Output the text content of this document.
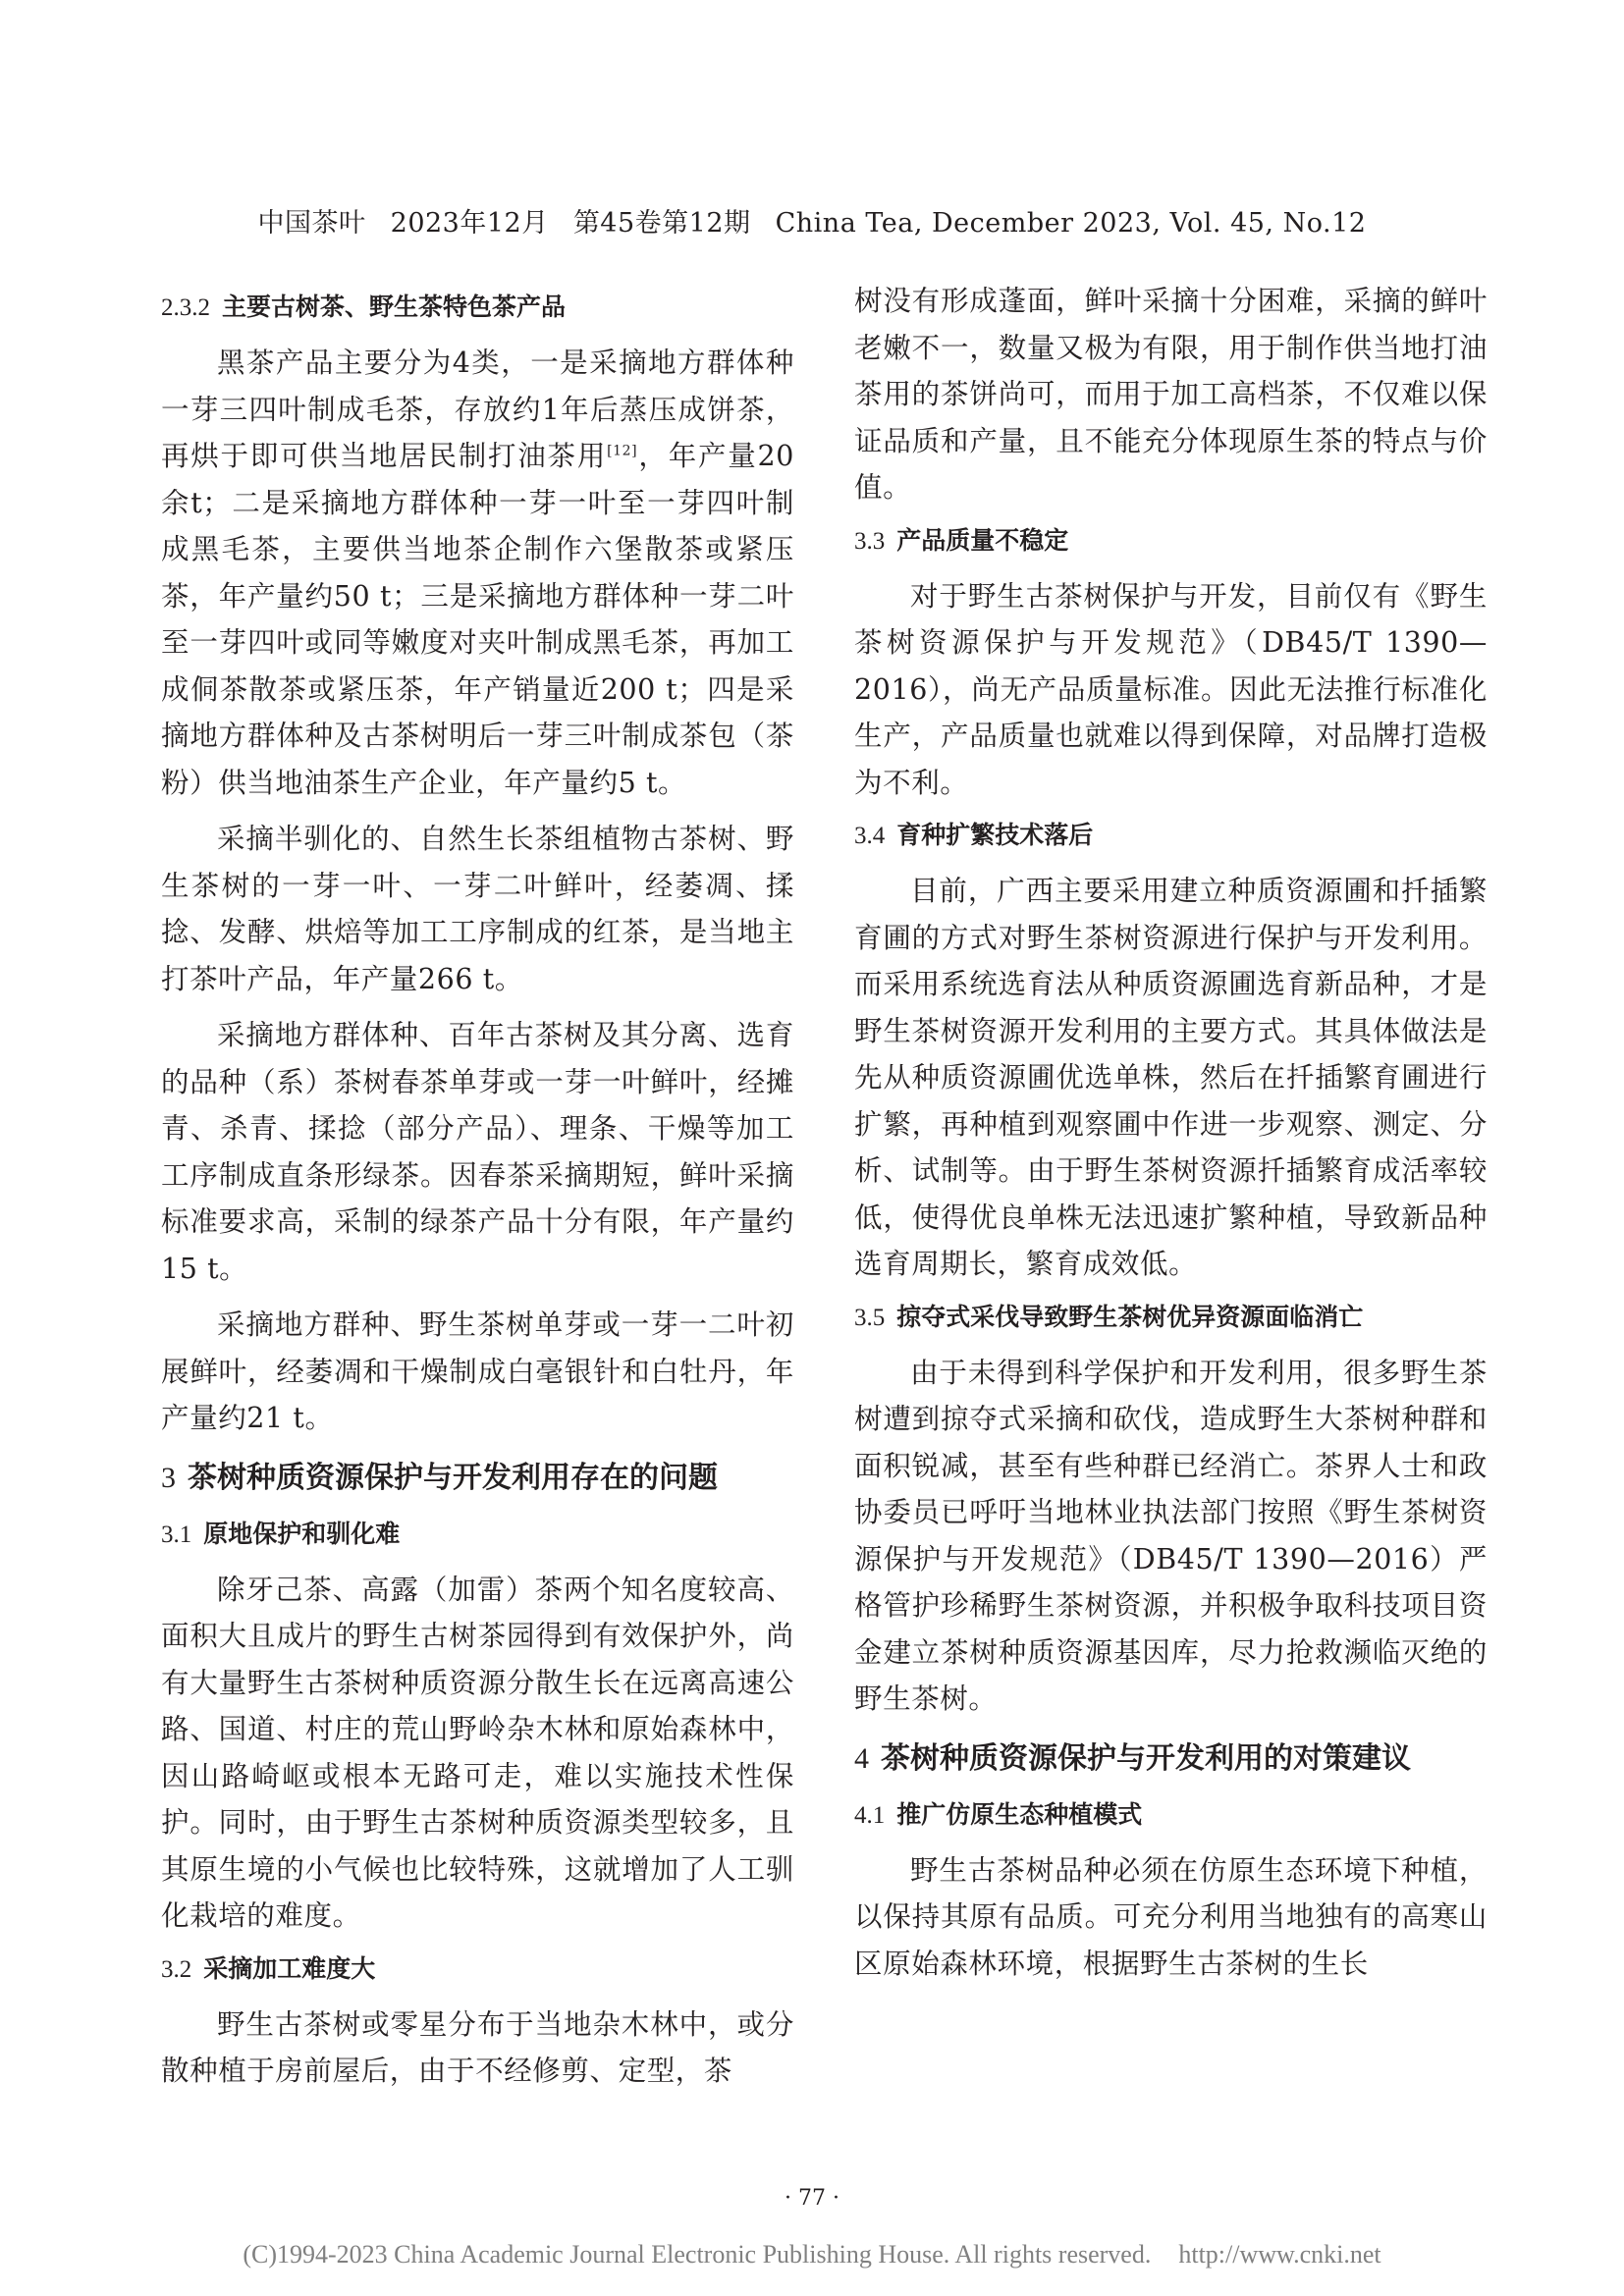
中国茶叶 2023年12月 第45卷第12期 China Tea, December 2023, Vol. 45, No.12
2.3.2 主要古树茶、野生茶特色茶产品

黑茶产品主要分为4类，一是采摘地方群体种一芽三四叶制成毛茶，存放约1年后蒸压成饼茶，再烘于即可供当地居民制打油茶用[12]，年产量20余t；二是采摘地方群体种一芽一叶至一芽四叶制成黑毛茶，主要供当地茶企制作六堡散茶或紧压茶，年产量约50 t；三是采摘地方群体种一芽二叶至一芽四叶或同等嫩度对夹叶制成黑毛茶，再加工成侗茶散茶或紧压茶，年产销量近200 t；四是采摘地方群体种及古茶树明后一芽三叶制成茶包（茶粉）供当地油茶生产企业，年产量约5 t。

采摘半驯化的、自然生长茶组植物古茶树、野生茶树的一芽一叶、一芽二叶鲜叶，经萎凋、揉捻、发酵、烘焙等加工工序制成的红茶，是当地主打茶叶产品，年产量266 t。

采摘地方群体种、百年古茶树及其分离、选育的品种（系）茶树春茶单芽或一芽一叶鲜叶，经摊青、杀青、揉捻（部分产品）、理条、干燥等加工工序制成直条形绿茶。因春茶采摘期短，鲜叶采摘标准要求高，采制的绿茶产品十分有限，年产量约15 t。

采摘地方群种、野生茶树单芽或一芽一二叶初展鲜叶，经萎凋和干燥制成白毫银针和白牡丹，年产量约21 t。

3 茶树种质资源保护与开发利用存在的问题
3.1 原地保护和驯化难

除牙己茶、高露（加雷）茶两个知名度较高、面积大且成片的野生古树茶园得到有效保护外，尚有大量野生古茶树种质资源分散生长在远离高速公路、国道、村庄的荒山野岭杂木林和原始森林中，因山路崎岖或根本无路可走，难以实施技术性保护。同时，由于野生古茶树种质资源类型较多，且其原生境的小气候也比较特殊，这就增加了人工驯化栽培的难度。

3.2 采摘加工难度大

野生古茶树或零星分布于当地杂木林中，或分散种植于房前屋后，由于不经修剪、定型，茶

树没有形成蓬面，鲜叶采摘十分困难，采摘的鲜叶老嫩不一，数量又极为有限，用于制作供当地打油茶用的茶饼尚可，而用于加工高档茶，不仅难以保证品质和产量，且不能充分体现原生茶的特点与价值。

3.3 产品质量不稳定

对于野生古茶树保护与开发，目前仅有《野生茶树资源保护与开发规范》（DB45/T 1390—2016），尚无产品质量标准。因此无法推行标准化生产，产品质量也就难以得到保障，对品牌打造极为不利。

3.4 育种扩繁技术落后

目前，广西主要采用建立种质资源圃和扦插繁育圃的方式对野生茶树资源进行保护与开发利用。而采用系统选育法从种质资源圃选育新品种，才是野生茶树资源开发利用的主要方式。其具体做法是先从种质资源圃优选单株，然后在扦插繁育圃进行扩繁，再种植到观察圃中作进一步观察、测定、分析、试制等。由于野生茶树资源扦插繁育成活率较低，使得优良单株无法迅速扩繁种植，导致新品种选育周期长，繁育成效低。

3.5 掠夺式采伐导致野生茶树优异资源面临消亡

由于未得到科学保护和开发利用，很多野生茶树遭到掠夺式采摘和砍伐，造成野生大茶树种群和面积锐减，甚至有些种群已经消亡。茶界人士和政协委员已呼吁当地林业执法部门按照《野生茶树资源保护与开发规范》（DB45/T 1390—2016）严格管护珍稀野生茶树资源，并积极争取科技项目资金建立茶树种质资源基因库，尽力抢救濒临灭绝的野生茶树。

4 茶树种质资源保护与开发利用的对策建议
4.1 推广仿原生态种植模式

野生古茶树品种必须在仿原生态环境下种植，以保持其原有品质。可充分利用当地独有的高寒山区原始森林环境，根据野生古茶树的生长

· 77 ·
(C)1994-2023 China Academic Journal Electronic Publishing House. All rights reserved. http://www.cnki.net
